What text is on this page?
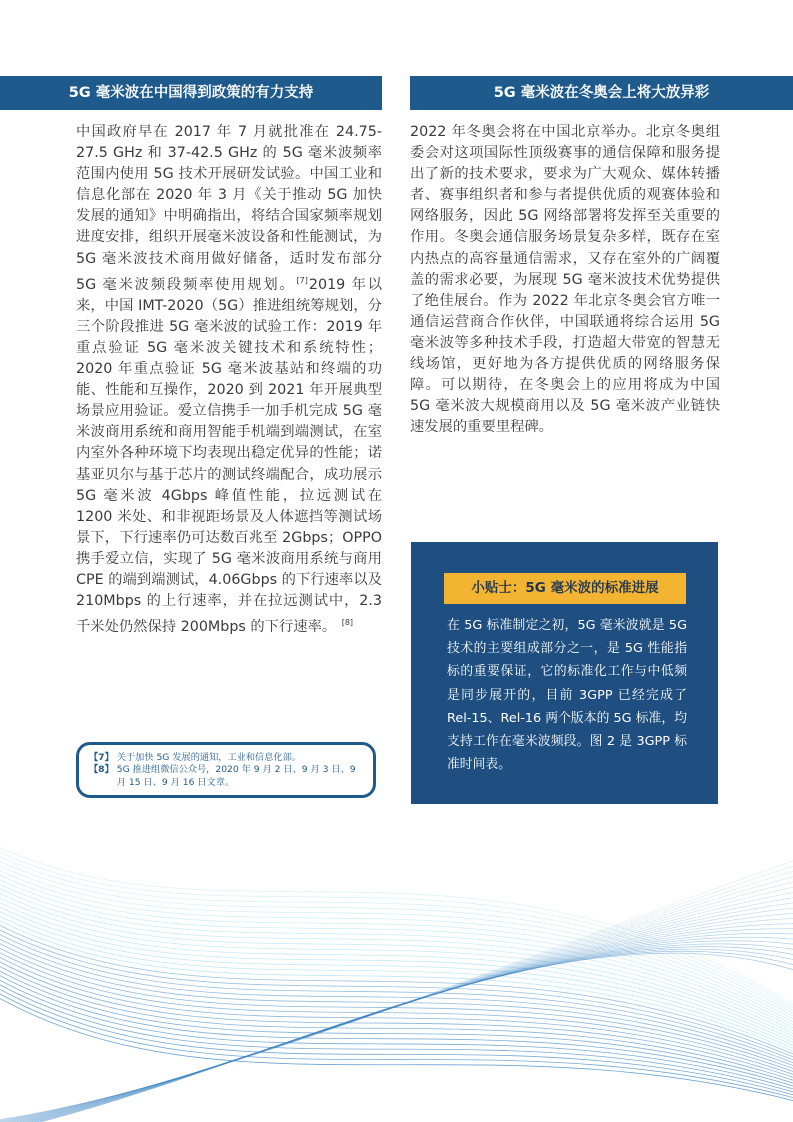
5G 毫米波在中国得到政策的有力支持	5G 毫米波在冬奥会上将大放异彩

中国政府早在 2017 年 7 月就批准在 24.75-27.5 GHz 和 37-42.5 GHz 的 5G 毫米波频率范围内使用 5G 技术开展研发试验。中国工业和信息化部在 2020 年 3 月《关于推动 5G 加快发展的通知》中明确指出，将结合国家频率规划进度安排，组织开展毫米波设备和性能测试，为 5G 毫米波技术商用做好储备，适时发布部分 5G 毫米波频段频率使用规划。[7]2019 年以来，中国 IMT-2020（5G）推进组统筹规划，分三个阶段推进 5G 毫米波的试验工作：2019 年重点验证 5G 毫米波关键技术和系统特性；2020 年重点验证 5G 毫米波基站和终端的功能、性能和互操作，2020 到 2021 年开展典型场景应用验证。爱立信携手一加手机完成 5G 毫米波商用系统和商用智能手机端到端测试，在室内室外各种环境下均表现出稳定优异的性能；诺基亚贝尔与基于芯片的测试终端配合，成功展示 5G 毫米波 4Gbps 峰值性能，拉远测试在 1200 米处、和非视距场景及人体遮挡等测试场景下，下行速率仍可达数百兆至 2Gbps；OPPO 携手爱立信，实现了 5G 毫米波商用系统与商用 CPE 的端到端测试，4.06Gbps 的下行速率以及 210Mbps 的上行速率，并在拉远测试中，2.3 千米处仍然保持 200Mbps 的下行速率。 [8]

2022 年冬奥会将在中国北京举办。北京冬奥组委会对这项国际性顶级赛事的通信保障和服务提出了新的技术要求，要求为广大观众、媒体转播者、赛事组织者和参与者提供优质的观赛体验和网络服务，因此 5G 网络部署将发挥至关重要的作用。冬奥会通信服务场景复杂多样，既存在室内热点的高容量通信需求，又存在室外的广阔覆盖的需求必要，为展现 5G 毫米波技术优势提供了绝佳展台。作为 2022 年北京冬奥会官方唯一通信运营商合作伙伴，中国联通将综合运用 5G 毫米波等多种技术手段，打造超大带宽的智慧无线场馆，更好地为各方提供优质的网络服务保障。可以期待，在冬奥会上的应用将成为中国 5G 毫米波大规模商用以及 5G 毫米波产业链快速发展的重要里程碑。

【7】 关于加快 5G 发展的通知，工业和信息化部。
【8】 5G 推进组微信公众号，2020 年 9 月 2 日、9 月 3 日、9 月 15 日、9 月 16 日文章。
小贴士：5G 毫米波的标准进展

在 5G 标准制定之初，5G 毫米波就是 5G 技术的主要组成部分之一，是 5G 性能指标的重要保证，它的标准化工作与中低频是同步展开的，目前 3GPP 已经完成了 Rel-15、Rel-16 两个版本的 5G 标准，均支持工作在毫米波频段。图 2 是 3GPP 标准时间表。
